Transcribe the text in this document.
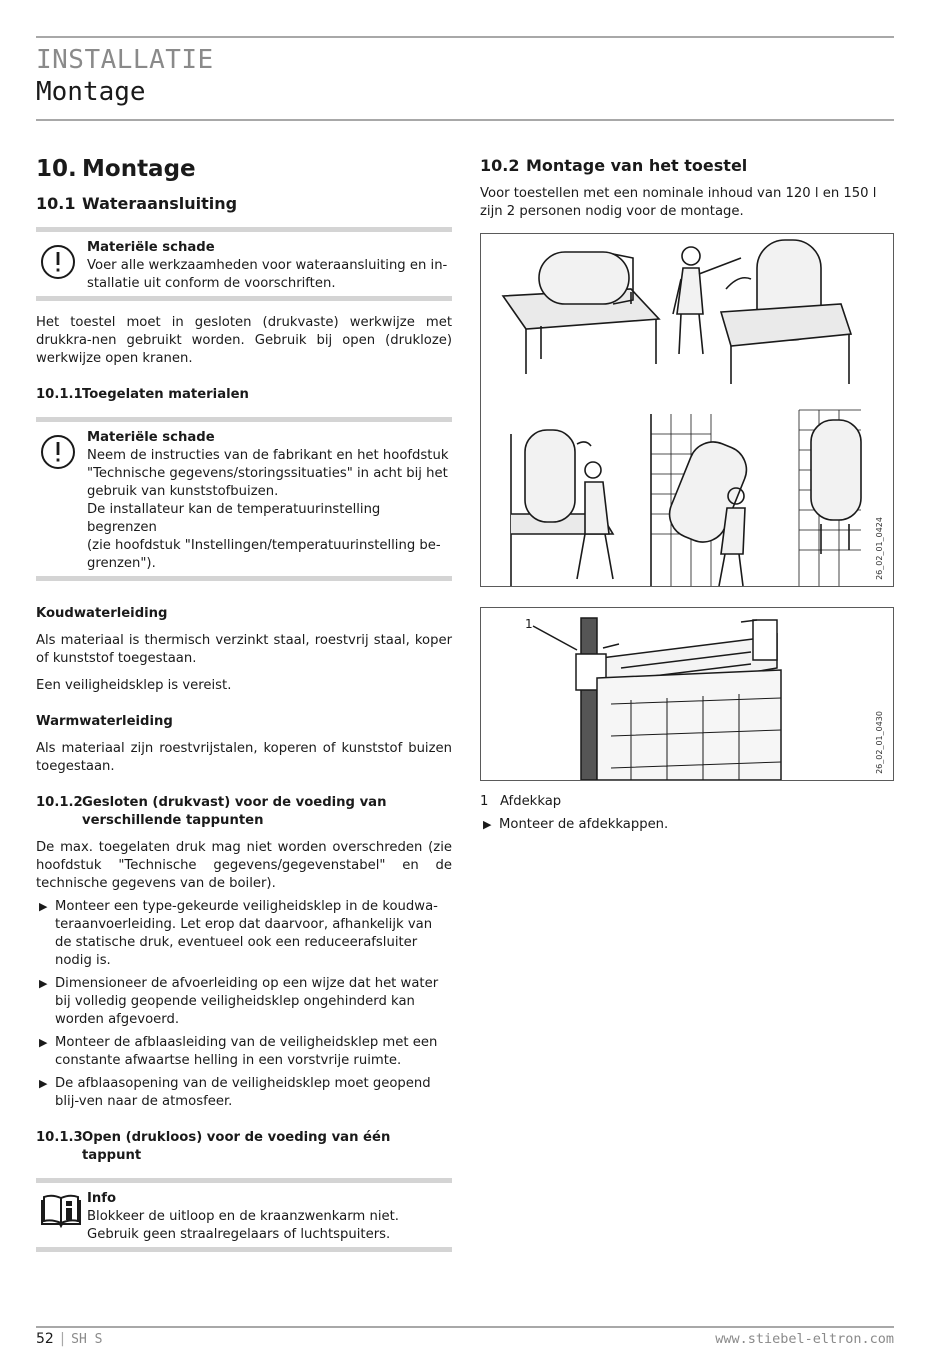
INSTALLATIE
Montage
10. Montage
10.1 Wateraansluiting
Materiële schade
Voer alle werkzaamheden voor wateraansluiting en in-
stallatie uit conform de voorschriften.

Het toestel moet in gesloten (drukvaste) werkwijze met drukkra-nen gebruikt worden. Gebruik bij open (drukloze) werkwijze open kranen.

10.1.1Toegelaten materialen
Materiële schade
Neem de instructies van de fabrikant en het hoofdstuk
"Technische gegevens/storingssituaties" in acht bij het
gebruik van kunststofbuizen.
De installateur kan de temperatuurinstelling begrenzen
(zie hoofdstuk "Instellingen/temperatuurinstelling be-
grenzen").
Koudwaterleiding

Als materiaal is thermisch verzinkt staal, roestvrij staal, koper of kunststof toegestaan.

Een veiligheidsklep is vereist.

Warmwaterleiding

Als materiaal zijn roestvrijstalen, koperen of kunststof buizen toegestaan.

10.1.2Gesloten (drukvast) voor de voeding van verschillende tappunten

De max. toegelaten druk mag niet worden overschreden (zie hoofdstuk "Technische gegevens/gegevenstabel" en de technische gegevens van de boiler).

▶ Monteer een type-gekeurde veiligheidsklep in de koudwa-teraanvoerleiding. Let erop dat daarvoor, afhankelijk van de statische druk, eventueel ook een reduceerafsluiter nodig is.
▶ Dimensioneer de afvoerleiding op een wijze dat het water bij volledig geopende veiligheidsklep ongehinderd kan worden afgevoerd.
▶ Monteer de afblaasleiding van de veiligheidsklep met een constante afwaartse helling in een vorstvrije ruimte.
▶ De afblaasopening van de veiligheidsklep moet geopend blij-ven naar de atmosfeer.
10.1.3Open (drukloos) voor de voeding van één tappunt
Info
Blokkeer de uitloop en de kraanzwenkarm niet.
Gebruik geen straalregelaars of luchtspuiters.
10.2 Montage van het toestel

Voor toestellen met een nominale inhoud van 120 l en 150 l zijn 2 personen nodig voor de montage.

26_02_01_0424
1
26_02_01_0430
1 Afdekkap
▶ Monteer de afdekkappen.
52 | SH S	www.stiebel-eltron.com
